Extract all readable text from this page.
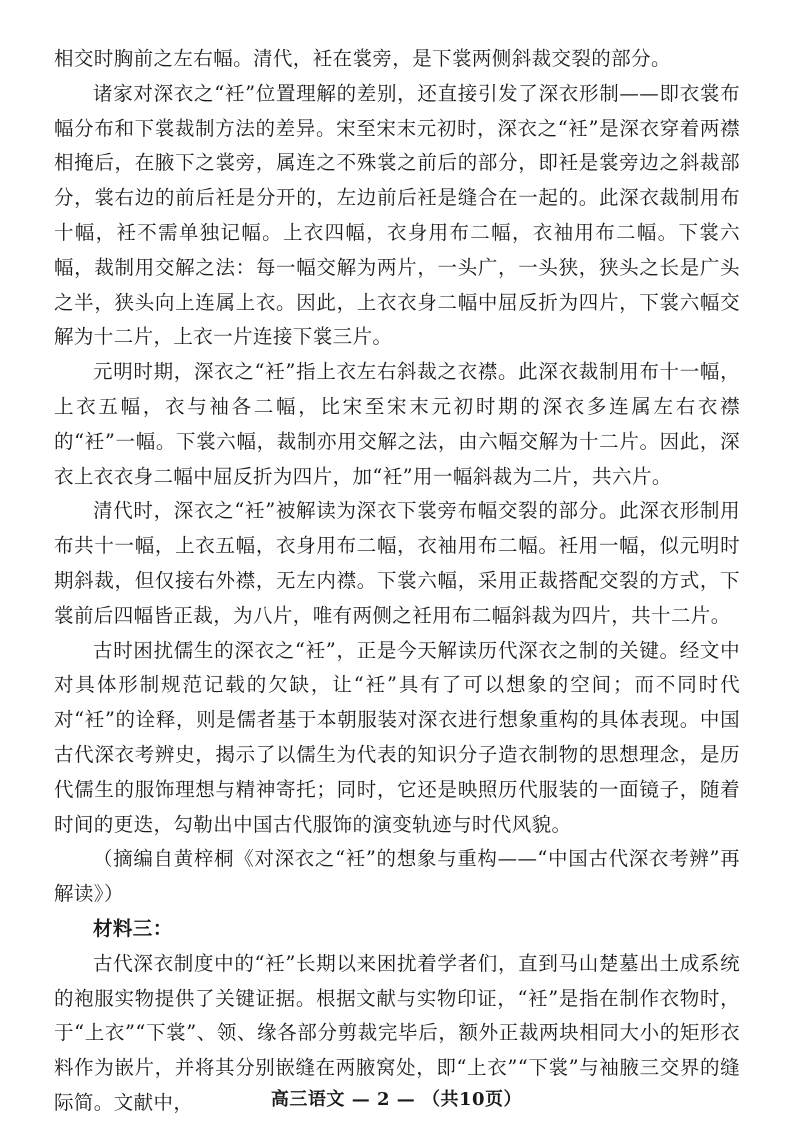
相交时胸前之左右幅。清代，衽在裳旁，是下裳两侧斜裁交裂的部分。

诸家对深衣之“衽”位置理解的差别，还直接引发了深衣形制——即衣裳布幅分布和下裳裁制方法的差异。宋至宋末元初时，深衣之“衽”是深衣穿着两襟相掩后，在腋下之裳旁，属连之不殊裳之前后的部分，即衽是裳旁边之斜裁部分，裳右边的前后衽是分开的，左边前后衽是缝合在一起的。此深衣裁制用布十幅，衽不需单独记幅。上衣四幅，衣身用布二幅，衣袖用布二幅。下裳六幅，裁制用交解之法：每一幅交解为两片，一头广，一头狭，狭头之长是广头之半，狭头向上连属上衣。因此，上衣衣身二幅中屈反折为四片，下裳六幅交解为十二片，上衣一片连接下裳三片。

元明时期，深衣之“衽”指上衣左右斜裁之衣襟。此深衣裁制用布十一幅，上衣五幅，衣与袖各二幅，比宋至宋末元初时期的深衣多连属左右衣襟的“衽”一幅。下裳六幅，裁制亦用交解之法，由六幅交解为十二片。因此，深衣上衣衣身二幅中屈反折为四片，加“衽”用一幅斜裁为二片，共六片。

清代时，深衣之“衽”被解读为深衣下裳旁布幅交裂的部分。此深衣形制用布共十一幅，上衣五幅，衣身用布二幅，衣袖用布二幅。衽用一幅，似元明时期斜裁，但仅接右外襟，无左内襟。下裳六幅，采用正裁搭配交裂的方式，下裳前后四幅皆正裁，为八片，唯有两侧之衽用布二幅斜裁为四片，共十二片。

古时困扰儒生的深衣之“衽”，正是今天解读历代深衣之制的关键。经文中对具体形制规范记载的欠缺，让“衽”具有了可以想象的空间；而不同时代对“衽”的诠释，则是儒者基于本朝服装对深衣进行想象重构的具体表现。中国古代深衣考辨史，揭示了以儒生为代表的知识分子造衣制物的思想理念，是历代儒生的服饰理想与精神寄托；同时，它还是映照历代服装的一面镜子，随着时间的更迭，勾勒出中国古代服饰的演变轨迹与时代风貌。

（摘编自黄梓桐《对深衣之“衽”的想象与重构——“中国古代深衣考辨”再解读》）

材料三：

古代深衣制度中的“衽”长期以来困扰着学者们，直到马山楚墓出土成系统的袍服实物提供了关键证据。根据文献与实物印证，“衽”是指在制作衣物时，于“上衣”“下裳”、领、缘各部分剪裁完毕后，额外正裁两块相同大小的矩形衣料作为嵌片，并将其分别嵌缝在两腋窝处，即“上衣”“下裳”与袖腋三交界的缝际简。文献中，	高三语文 — 2 — （共10页）
